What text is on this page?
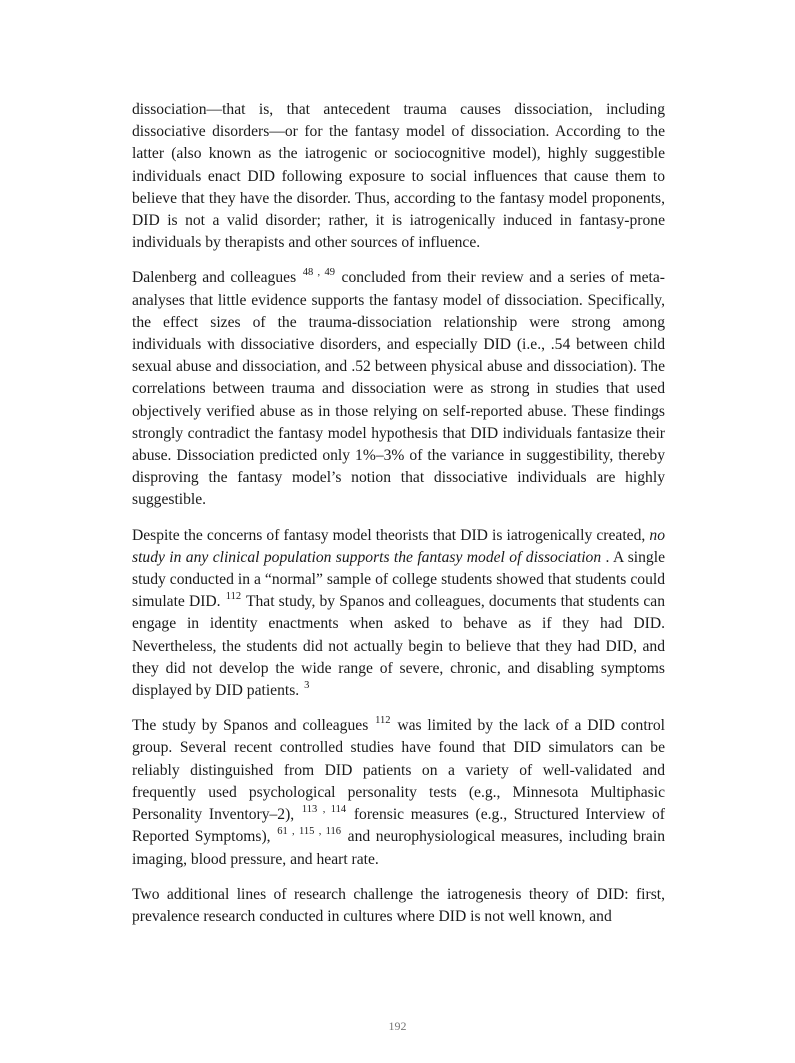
dissociation—that is, that antecedent trauma causes dissociation, including dissociative disorders—or for the fantasy model of dissociation. According to the latter (also known as the iatrogenic or sociocognitive model), highly suggestible individuals enact DID following exposure to social influences that cause them to believe that they have the disorder. Thus, according to the fantasy model proponents, DID is not a valid disorder; rather, it is iatrogenically induced in fantasy-prone individuals by therapists and other sources of influence.

Dalenberg and colleagues $^{48 , 49}$ concluded from their review and a series of meta-analyses that little evidence supports the fantasy model of dissociation. Specifically, the effect sizes of the trauma-dissociation relationship were strong among individuals with dissociative disorders, and especially DID (i.e., .54 between child sexual abuse and dissociation, and .52 between physical abuse and dissociation). The correlations between trauma and dissociation were as strong in studies that used objectively verified abuse as in those relying on self-reported abuse. These findings strongly contradict the fantasy model hypothesis that DID individuals fantasize their abuse. Dissociation predicted only 1%–3% of the variance in suggestibility, thereby disproving the fantasy model’s notion that dissociative individuals are highly suggestible.

Despite the concerns of fantasy model theorists that DID is iatrogenically created, no study in any clinical population supports the fantasy model of dissociation . A single study conducted in a “normal” sample of college students showed that students could simulate DID. $^{112}$ That study, by Spanos and colleagues, documents that students can engage in identity enactments when asked to behave as if they had DID. Nevertheless, the students did not actually begin to believe that they had DID, and they did not develop the wide range of severe, chronic, and disabling symptoms displayed by DID patients. $^3$

The study by Spanos and colleagues $^{112}$ was limited by the lack of a DID control group. Several recent controlled studies have found that DID simulators can be reliably distinguished from DID patients on a variety of well-validated and frequently used psychological personality tests (e.g., Minnesota Multiphasic Personality Inventory–2), $^{113 , 114}$ forensic measures (e.g., Structured Interview of Reported Symptoms), $^{61 , 115 , 116}$ and neurophysiological measures, including brain imaging, blood pressure, and heart rate.

Two additional lines of research challenge the iatrogenesis theory of DID: first, prevalence research conducted in cultures where DID is not well known, and

192
